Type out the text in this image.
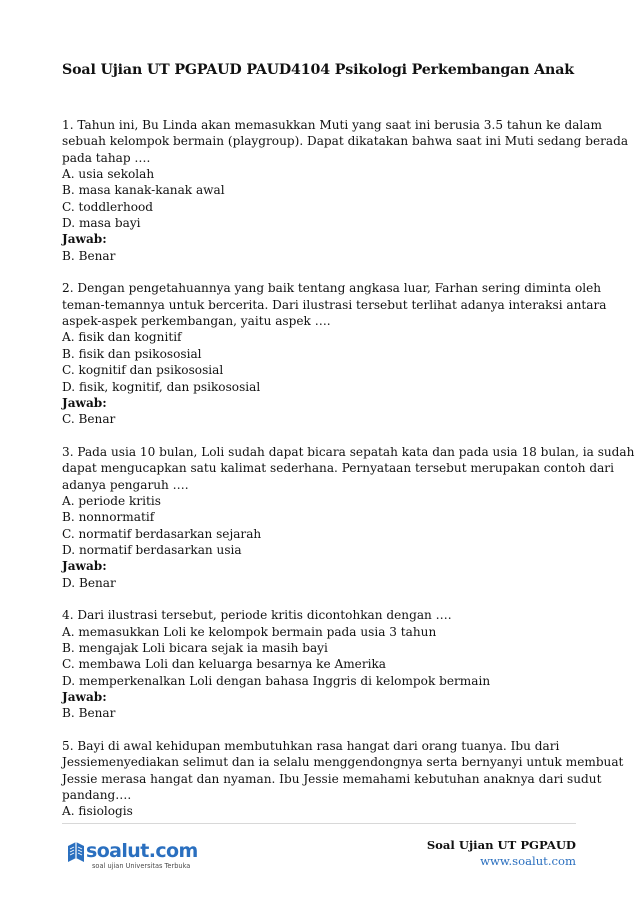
Soal Ujian UT PGPAUD PAUD4104 Psikologi Perkembangan Anak
1. Tahun ini, Bu Linda akan memasukkan Muti yang saat ini berusia 3.5 tahun ke dalam
sebuah kelompok bermain (playgroup). Dapat dikatakan bahwa saat ini Muti sedang berada
pada tahap ….
A. usia sekolah
B. masa kanak-kanak awal
C. toddlerhood
D. masa bayi
Jawab:
B. Benar
2. Dengan pengetahuannya yang baik tentang angkasa luar, Farhan sering diminta oleh
teman-temannya untuk bercerita. Dari ilustrasi tersebut terlihat adanya interaksi antara
aspek-aspek perkembangan, yaitu aspek ….
A. fisik dan kognitif
B. fisik dan psikososial
C. kognitif dan psikososial
D. fisik, kognitif, dan psikososial
Jawab:
C. Benar
3. Pada usia 10 bulan, Loli sudah dapat bicara sepatah kata dan pada usia 18 bulan, ia sudah
dapat mengucapkan satu kalimat sederhana. Pernyataan tersebut merupakan contoh dari
adanya pengaruh ….
A. periode kritis
B. nonnormatif
C. normatif berdasarkan sejarah
D. normatif berdasarkan usia
Jawab:
D. Benar
4. Dari ilustrasi tersebut, periode kritis dicontohkan dengan ….
A. memasukkan Loli ke kelompok bermain pada usia 3 tahun
B. mengajak Loli bicara sejak ia masih bayi
C. membawa Loli dan keluarga besarnya ke Amerika
D. memperkenalkan Loli dengan bahasa Inggris di kelompok bermain
Jawab:
B. Benar
5. Bayi di awal kehidupan membutuhkan rasa hangat dari orang tuanya. Ibu dari
Jessiemenyediakan selimut dan ia selalu menggendongnya serta bernyanyi untuk membuat
Jessie merasa hangat dan nyaman. Ibu Jessie memahami kebutuhan anaknya dari sudut
pandang….
A. fisiologis
soalut.com
soal ujian Universitas Terbuka
Soal Ujian UT PGPAUD
www.soalut.com
